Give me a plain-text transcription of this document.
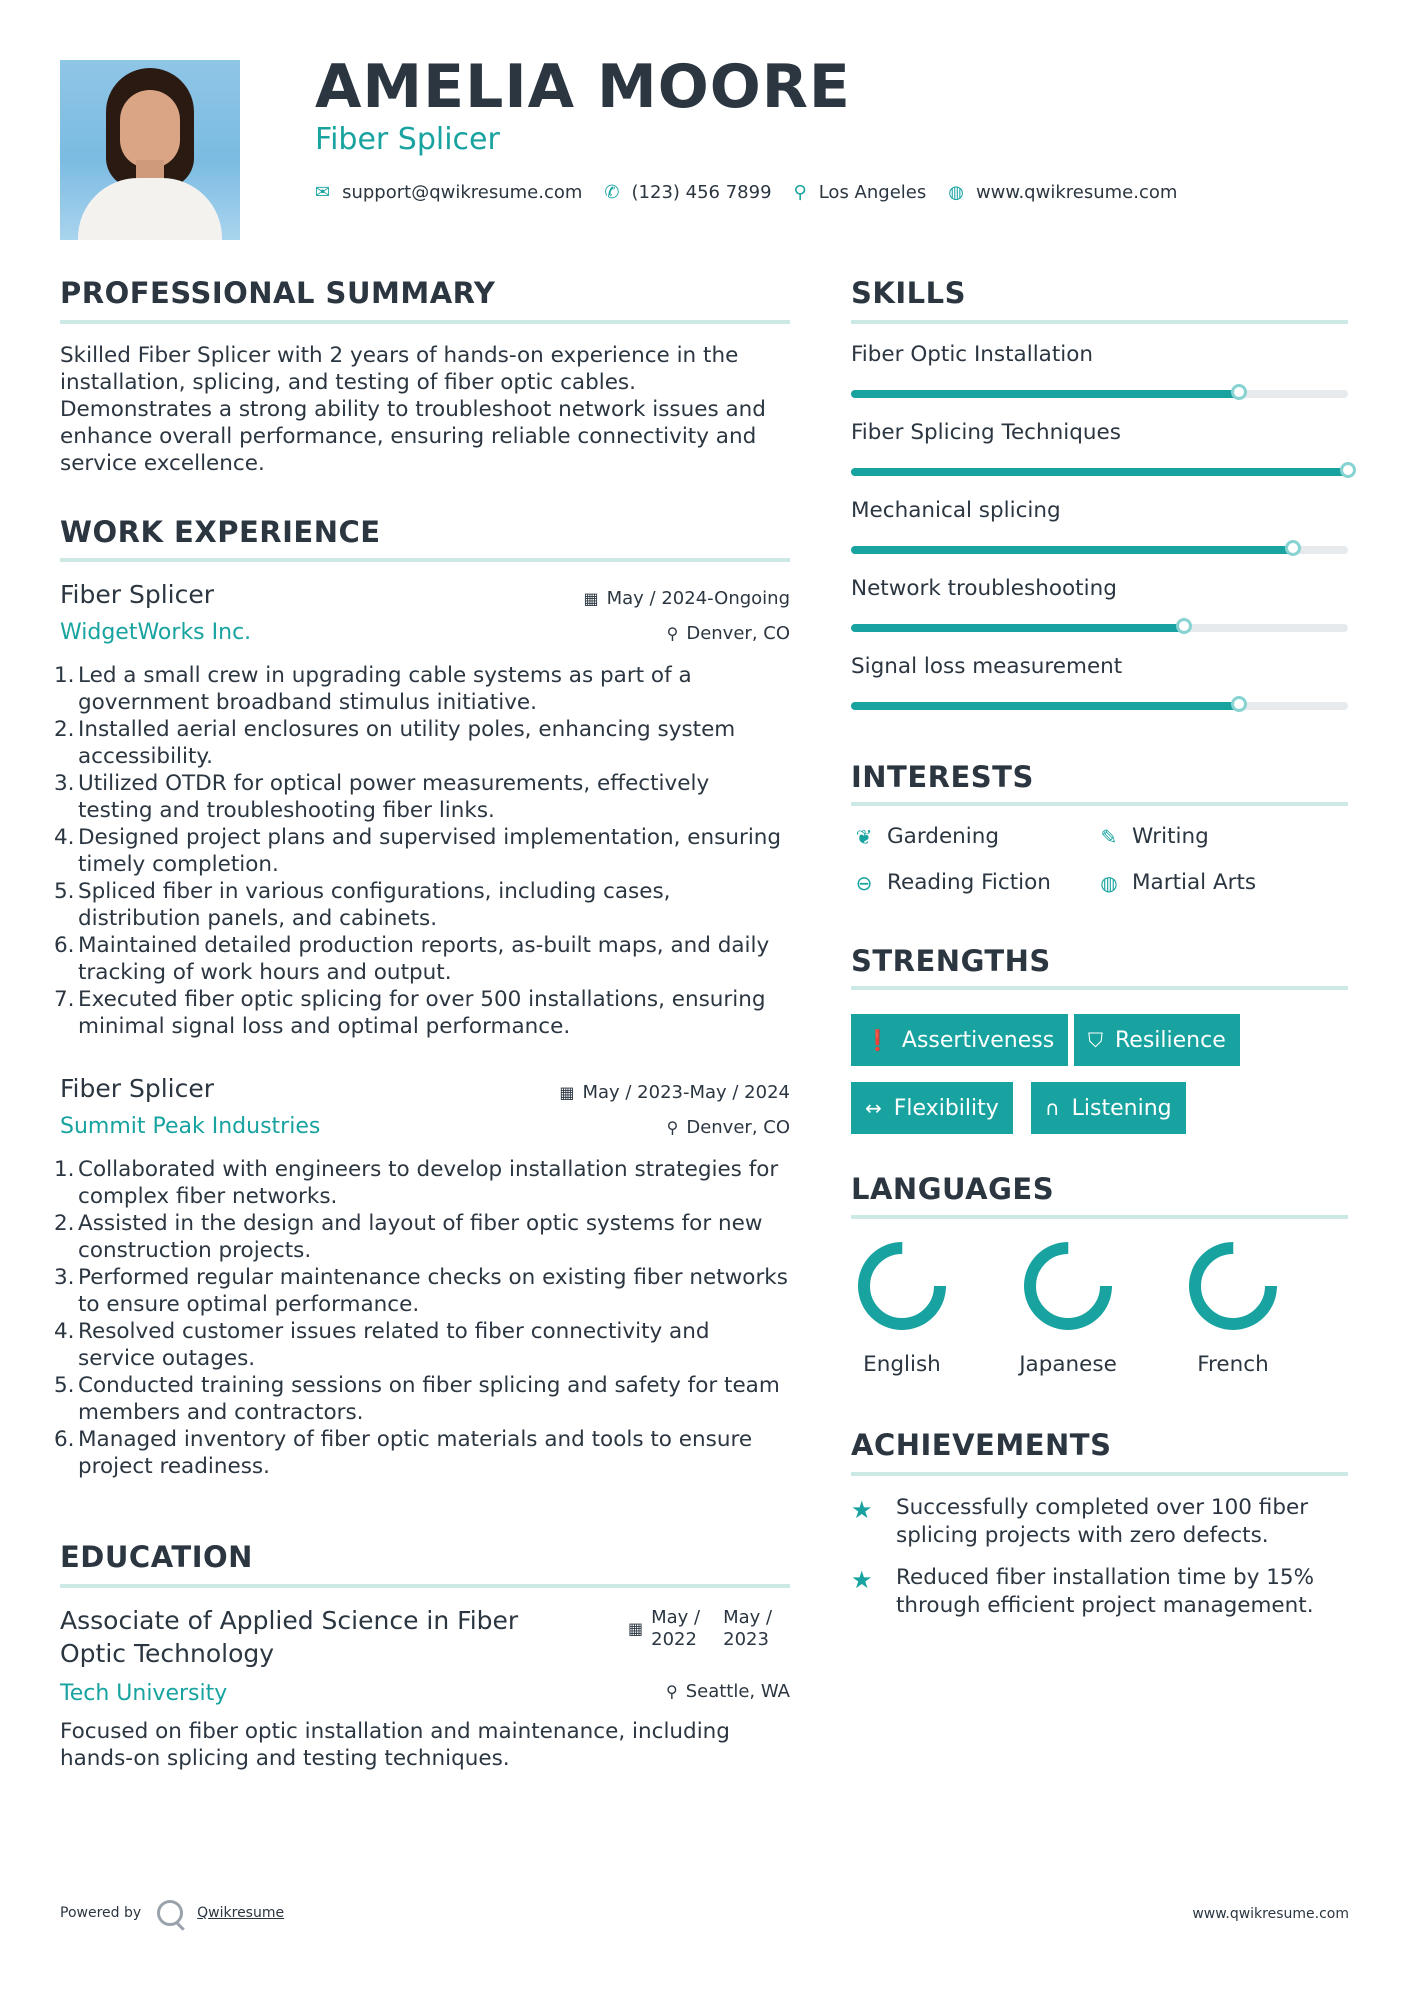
AMELIA MOORE
Fiber Splicer
✉ support@qwikresume.com ✆ (123) 456 7899 ⚲ Los Angeles ◍ www.qwikresume.com
PROFESSIONAL SUMMARY
Skilled Fiber Splicer with 2 years of hands-on experience in the installation, splicing, and testing of fiber optic cables. Demonstrates a strong ability to troubleshoot network issues and enhance overall performance, ensuring reliable connectivity and service excellence.
WORK EXPERIENCE
Fiber Splicer
WidgetWorks Inc.
▦ May / 2024-Ongoing
⚲ Denver, CO
1. Led a small crew in upgrading cable systems as part of a government broadband stimulus initiative.
2. Installed aerial enclosures on utility poles, enhancing system accessibility.
3. Utilized OTDR for optical power measurements, effectively testing and troubleshooting fiber links.
4. Designed project plans and supervised implementation, ensuring timely completion.
5. Spliced fiber in various configurations, including cases, distribution panels, and cabinets.
6. Maintained detailed production reports, as-built maps, and daily tracking of work hours and output.
7. Executed fiber optic splicing for over 500 installations, ensuring minimal signal loss and optimal performance.
Fiber Splicer
Summit Peak Industries
▦ May / 2023-May / 2024
⚲ Denver, CO
1. Collaborated with engineers to develop installation strategies for complex fiber networks.
2. Assisted in the design and layout of fiber optic systems for new construction projects.
3. Performed regular maintenance checks on existing fiber networks to ensure optimal performance.
4. Resolved customer issues related to fiber connectivity and service outages.
5. Conducted training sessions on fiber splicing and safety for team members and contractors.
6. Managed inventory of fiber optic materials and tools to ensure project readiness.
EDUCATION
Associate of Applied Science in Fiber Optic Technology
▦
May / 2022
May / 2023
Tech University	⚲ Seattle, WA
Focused on fiber optic installation and maintenance, including hands-on splicing and testing techniques.
SKILLS
Fiber Optic Installation
Fiber Splicing Techniques
Mechanical splicing
Network troubleshooting
Signal loss measurement
INTERESTS
❦ Gardening	✎ Writing
⊖ Reading Fiction ◍ Martial Arts
STRENGTHS
❗ Assertiveness ⛉ Resilience
↔ Flexibility ∩ Listening
LANGUAGES
English	Japanese	French
ACHIEVEMENTS
★ Successfully completed over 100 fiber splicing projects with zero defects.
★ Reduced fiber installation time by 15% through efficient project management.
Powered by	Qwikresume	www.qwikresume.com
